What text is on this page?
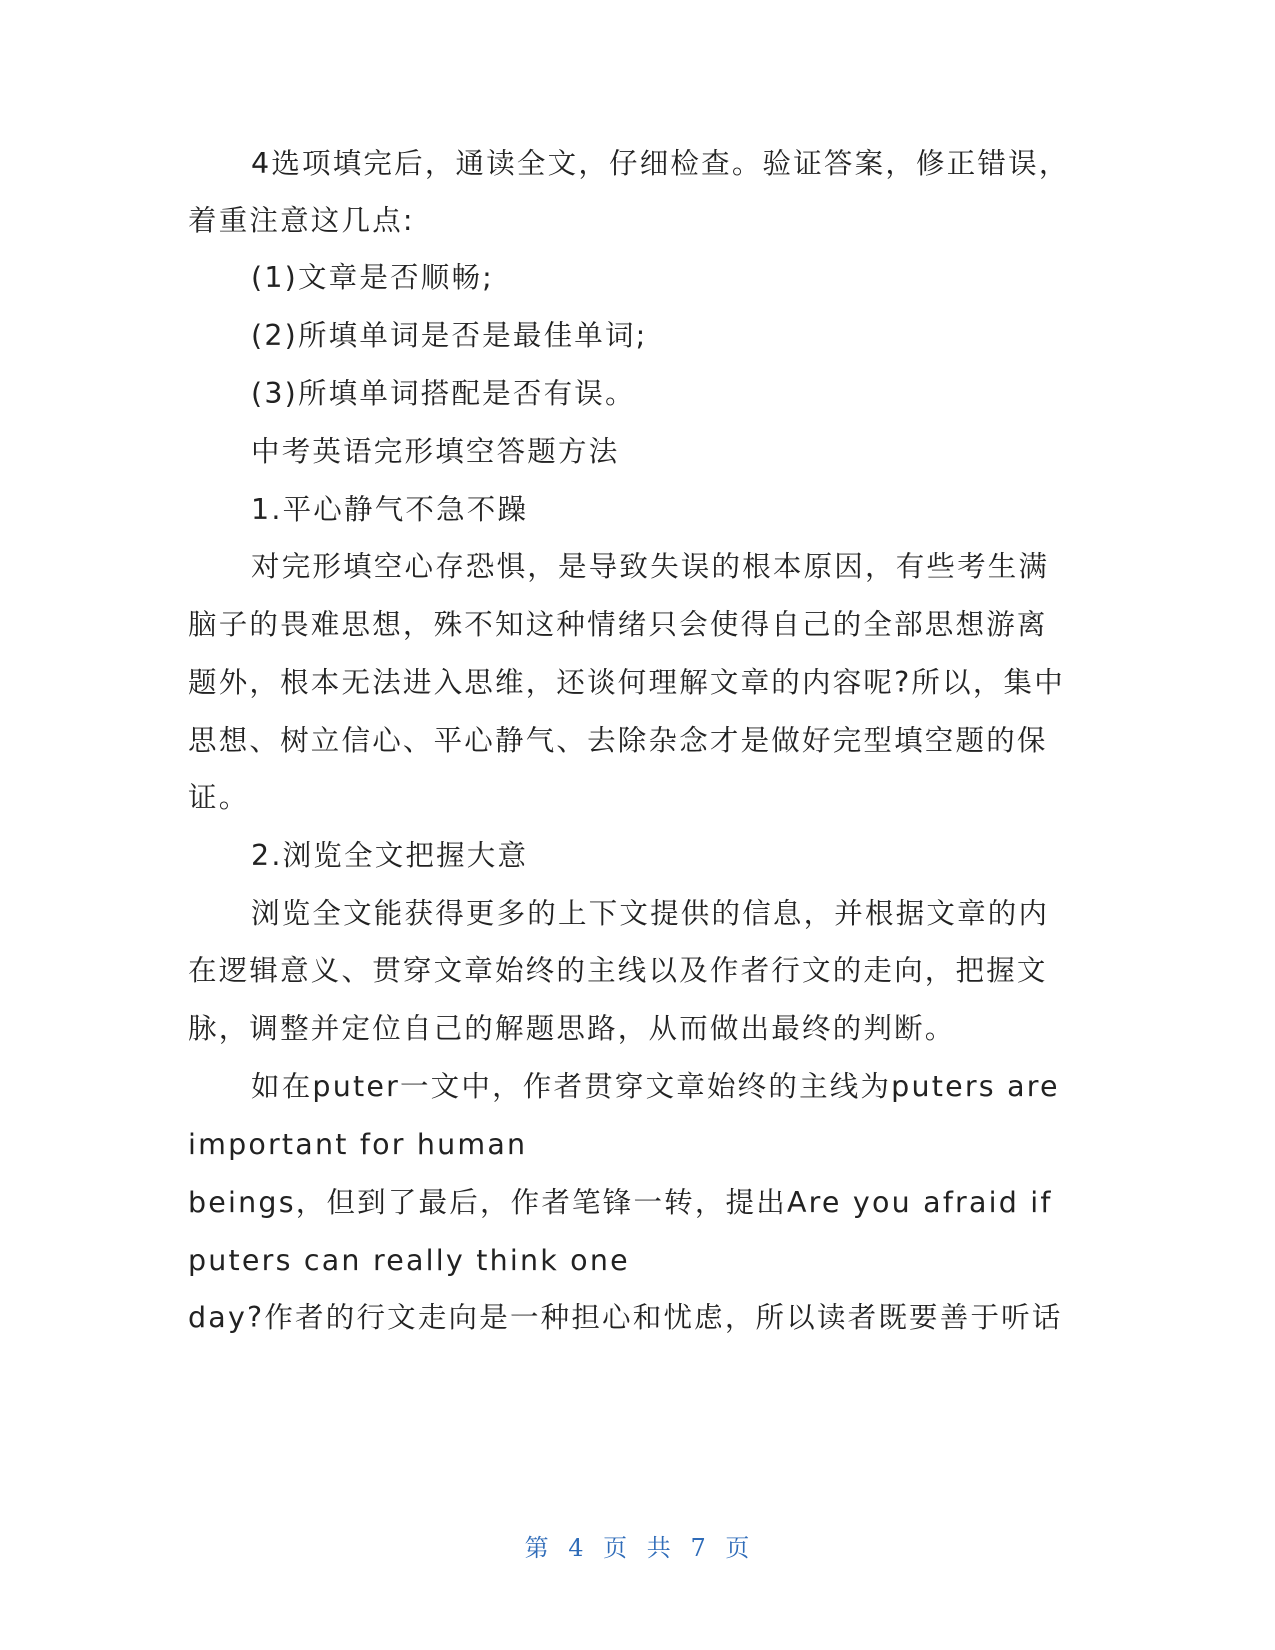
4选项填完后，通读全文，仔细检查。验证答案，修正错误，
着重注意这几点:
(1)文章是否顺畅;
(2)所填单词是否是最佳单词;
(3)所填单词搭配是否有误。
中考英语完形填空答题方法
1.平心静气不急不躁
对完形填空心存恐惧，是导致失误的根本原因，有些考生满
脑子的畏难思想，殊不知这种情绪只会使得自己的全部思想游离
题外，根本无法进入思维，还谈何理解文章的内容呢?所以，集中
思想、树立信心、平心静气、去除杂念才是做好完型填空题的保
证。
2.浏览全文把握大意
浏览全文能获得更多的上下文提供的信息，并根据文章的内
在逻辑意义、贯穿文章始终的主线以及作者行文的走向，把握文
脉，调整并定位自己的解题思路，从而做出最终的判断。
如在puter一文中，作者贯穿文章始终的主线为puters are
important for human
beings，但到了最后，作者笔锋一转，提出Are you afraid if
puters can really think one
day?作者的行文走向是一种担心和忧虑，所以读者既要善于听话
第 4 页 共 7 页
